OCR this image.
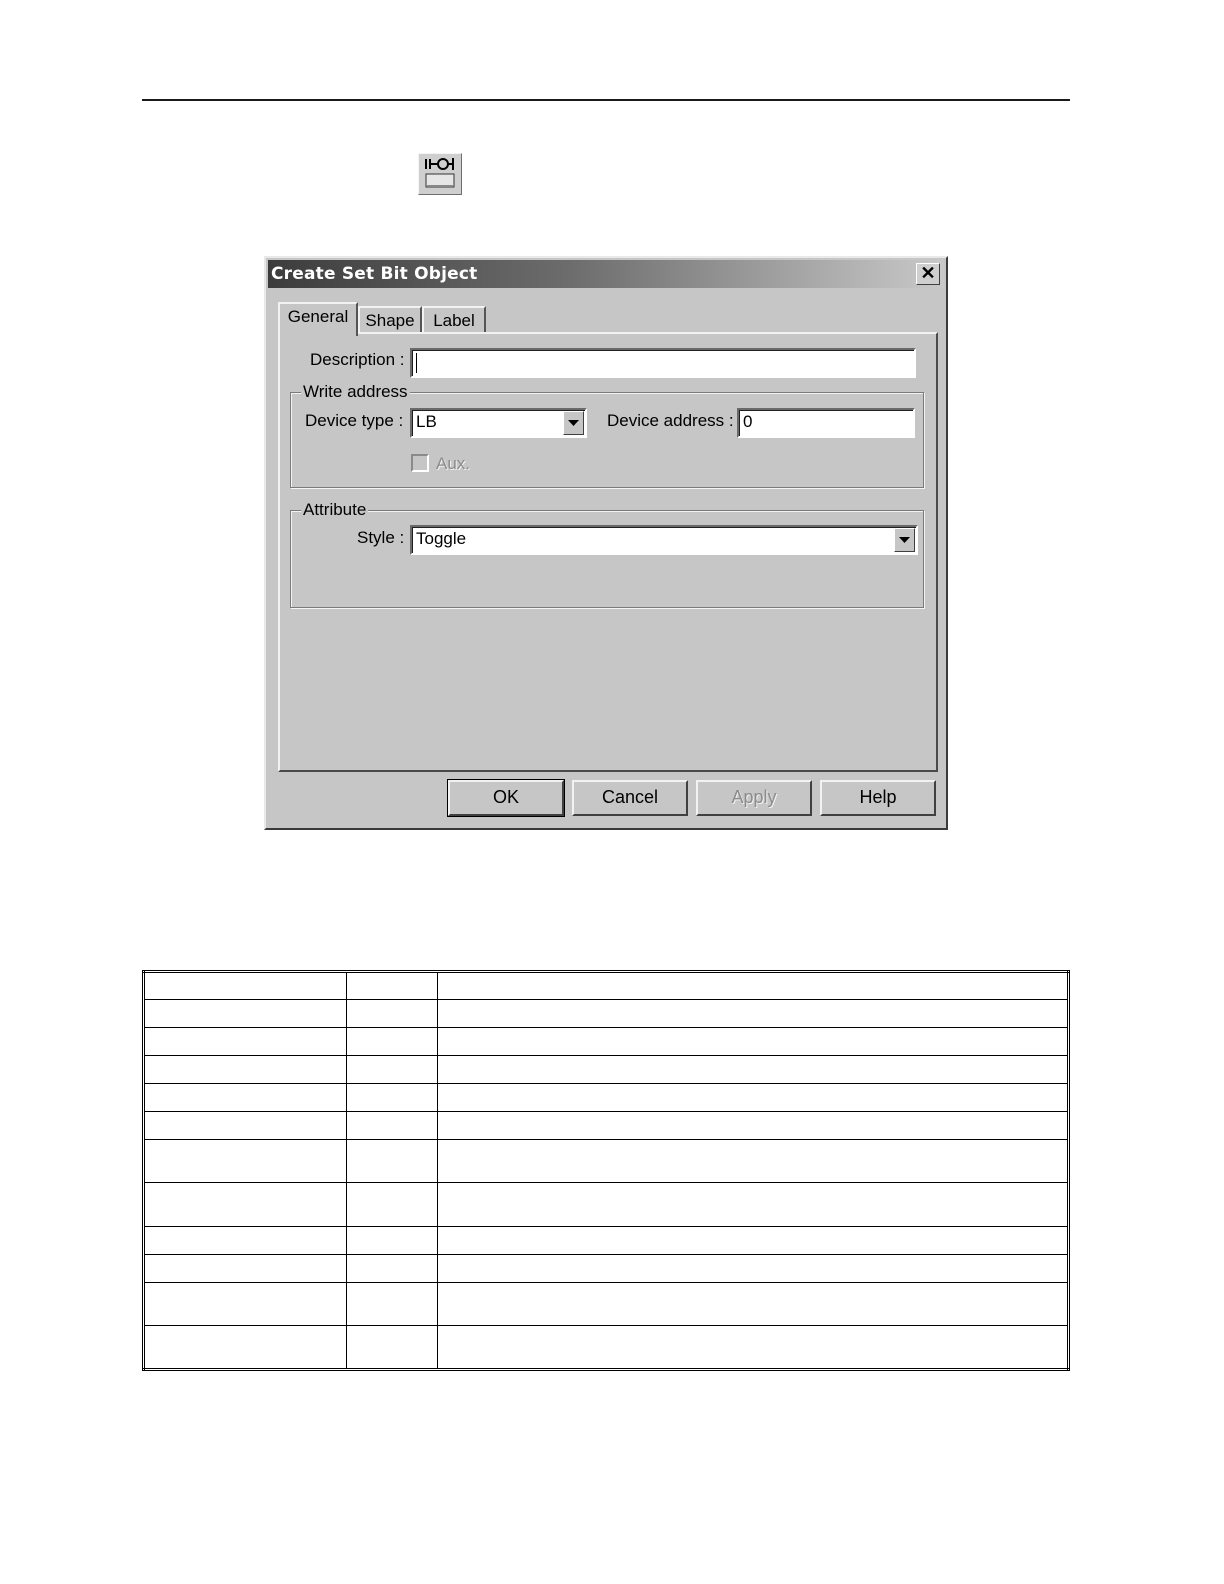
Create Set Bit Object	✕
General	Shape	Label
Description :
Write address
Device type : LB	Device address : 0
Aux.
Attribute
Style : Toggle
OK	Cancel	Apply	Help
